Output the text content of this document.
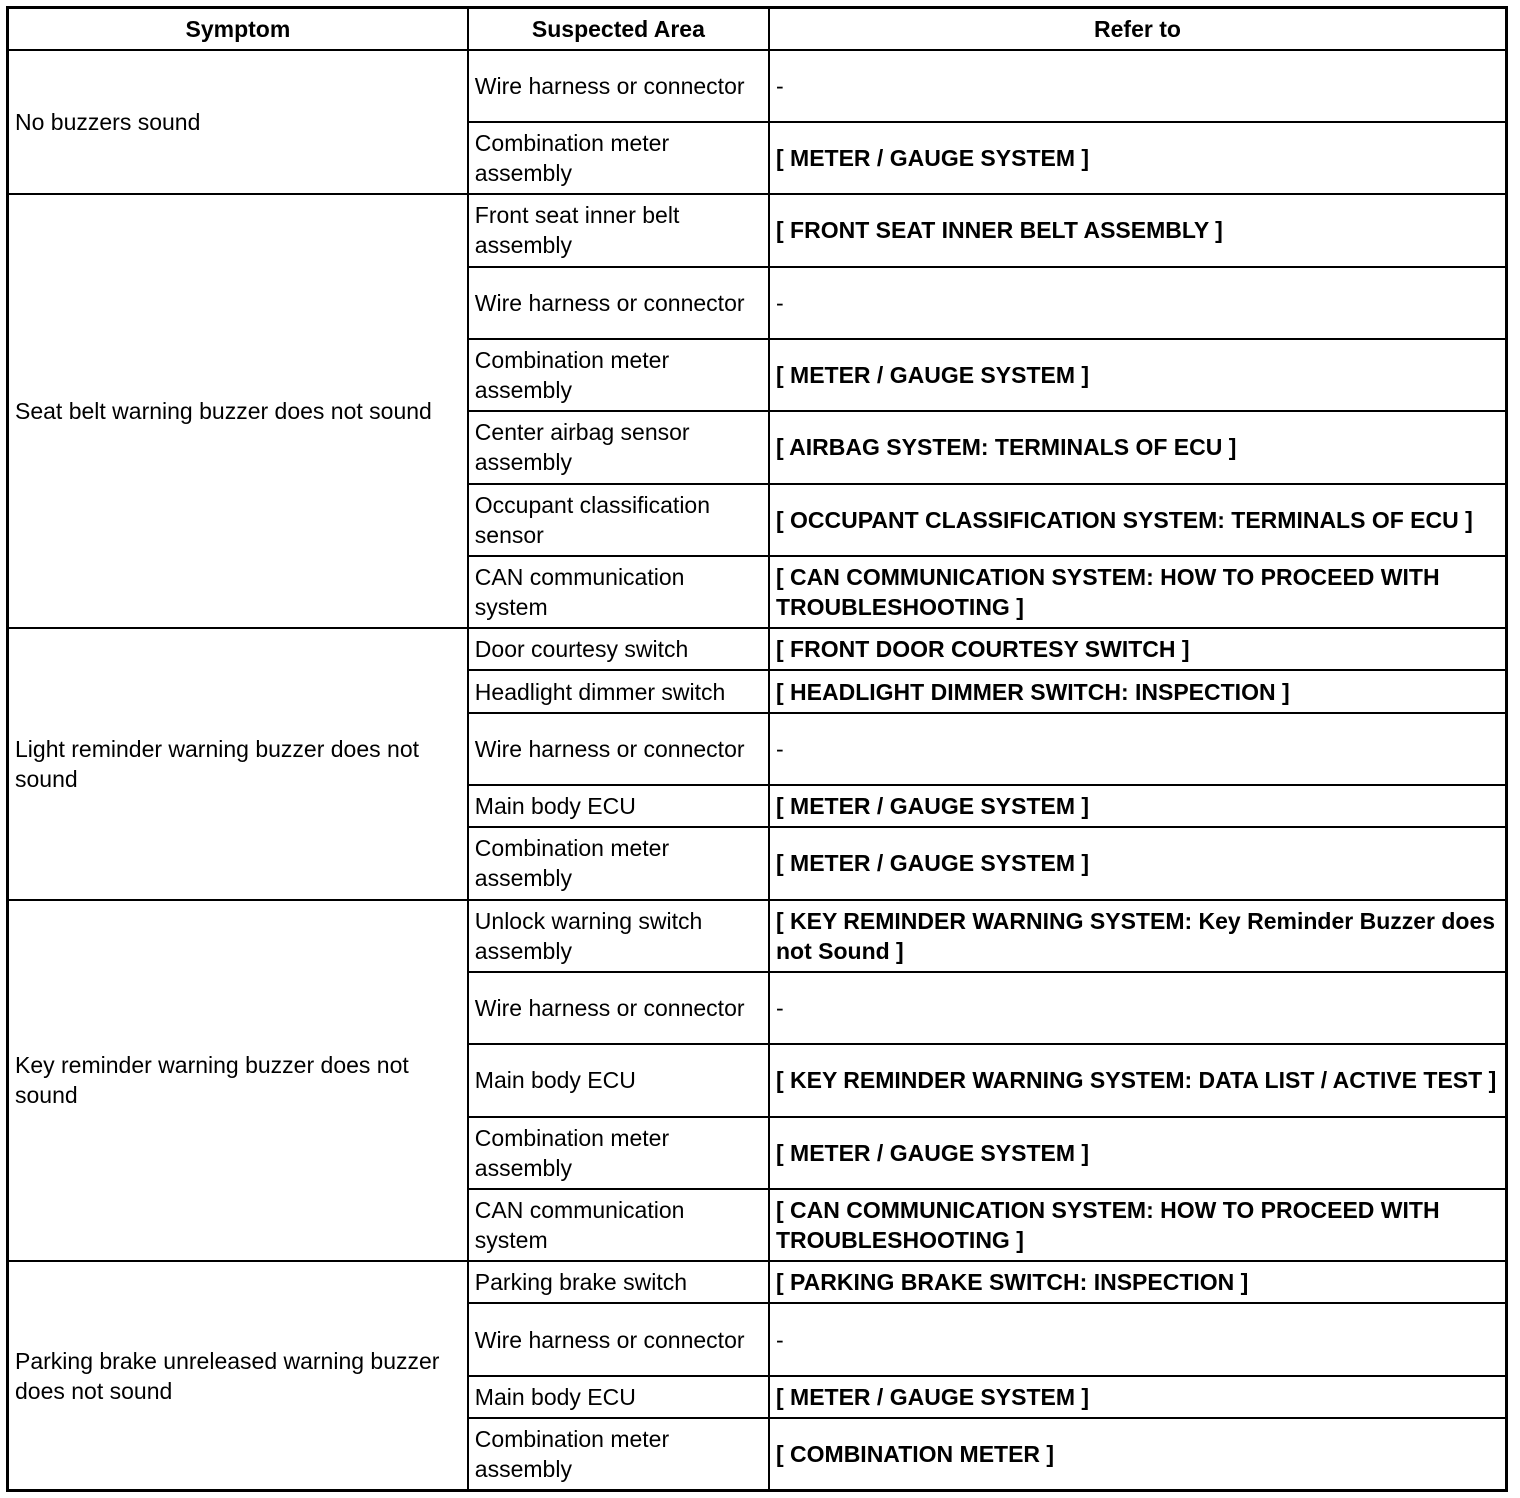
Symptom	Suspected Area	Refer to
No buzzers sound	Wire harness or connector	-
	Combination meter assembly	[ METER / GAUGE SYSTEM ]
Seat belt warning buzzer does not sound	Front seat inner belt assembly	[ FRONT SEAT INNER BELT ASSEMBLY ]
	Wire harness or connector	-
	Combination meter assembly	[ METER / GAUGE SYSTEM ]
	Center airbag sensor assembly	[ AIRBAG SYSTEM: TERMINALS OF ECU ]
	Occupant classification sensor	[ OCCUPANT CLASSIFICATION SYSTEM: TERMINALS OF ECU ]
	CAN communication system	[ CAN COMMUNICATION SYSTEM: HOW TO PROCEED WITH TROUBLESHOOTING ]
Light reminder warning buzzer does not sound	Door courtesy switch	[ FRONT DOOR COURTESY SWITCH ]
	Headlight dimmer switch	[ HEADLIGHT DIMMER SWITCH: INSPECTION ]
	Wire harness or connector	-
	Main body ECU	[ METER / GAUGE SYSTEM ]
	Combination meter assembly	[ METER / GAUGE SYSTEM ]
Key reminder warning buzzer does not sound	Unlock warning switch assembly	[ KEY REMINDER WARNING SYSTEM: Key Reminder Buzzer does not Sound ]
	Wire harness or connector	-
	Main body ECU	[ KEY REMINDER WARNING SYSTEM: DATA LIST / ACTIVE TEST ]
	Combination meter assembly	[ METER / GAUGE SYSTEM ]
	CAN communication system	[ CAN COMMUNICATION SYSTEM: HOW TO PROCEED WITH TROUBLESHOOTING ]
Parking brake unreleased warning buzzer does not sound	Parking brake switch	[ PARKING BRAKE SWITCH: INSPECTION ]
	Wire harness or connector	-
	Main body ECU	[ METER / GAUGE SYSTEM ]
	Combination meter assembly	[ COMBINATION METER ]
